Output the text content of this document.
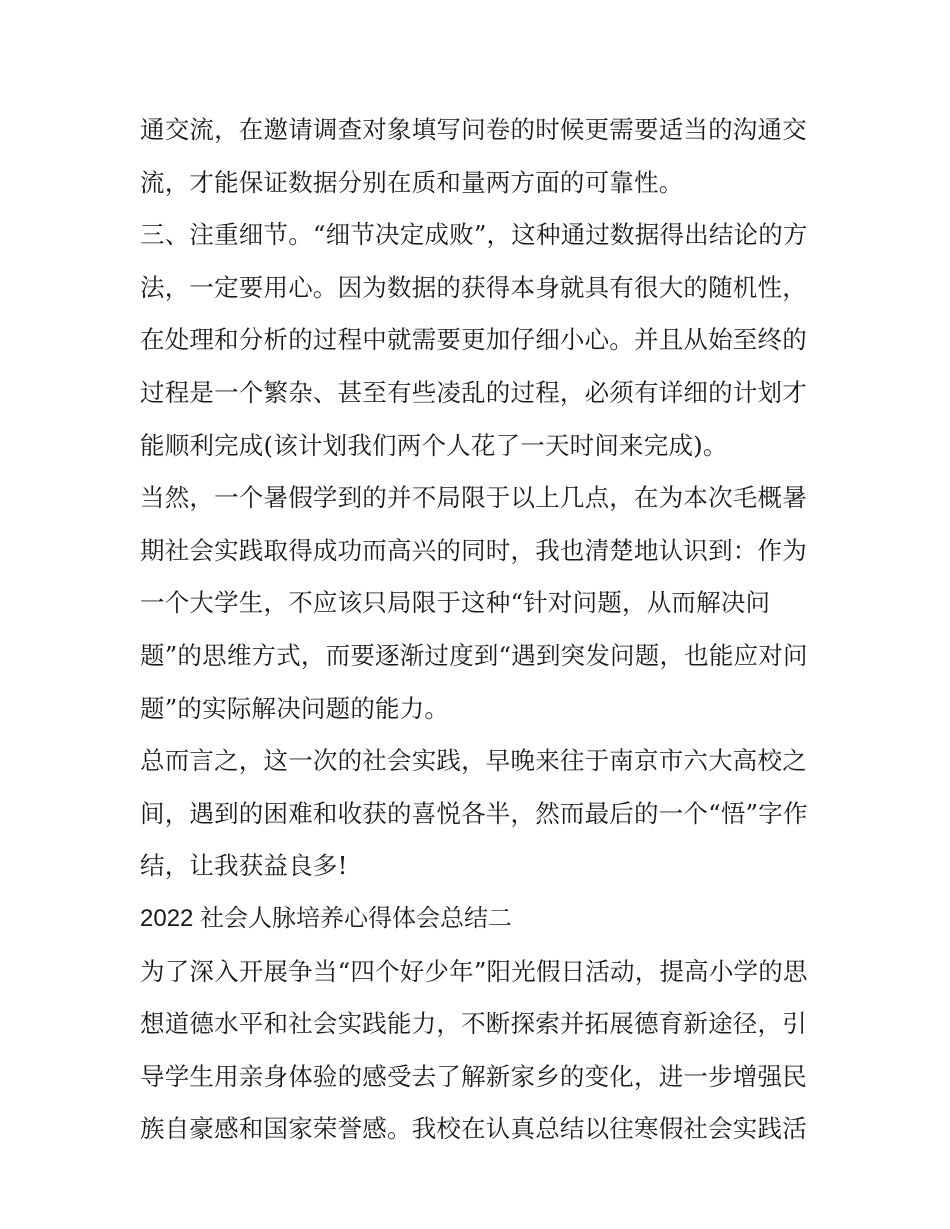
通交流，在邀请调查对象填写问卷的时候更需要适当的沟通交
流，才能保证数据分别在质和量两方面的可靠性。
三、注重细节。“细节决定成败”，这种通过数据得出结论的方
法，一定要用心。因为数据的获得本身就具有很大的随机性，
在处理和分析的过程中就需要更加仔细小心。并且从始至终的
过程是一个繁杂、甚至有些凌乱的过程，必须有详细的计划才
能顺利完成(该计划我们两个人花了一天时间来完成)。
当然，一个暑假学到的并不局限于以上几点，在为本次毛概暑
期社会实践取得成功而高兴的同时，我也清楚地认识到：作为
一个大学生，不应该只局限于这种“针对问题，从而解决问
题”的思维方式，而要逐渐过度到“遇到突发问题，也能应对问
题”的实际解决问题的能力。
总而言之，这一次的社会实践，早晚来往于南京市六大高校之
间，遇到的困难和收获的喜悦各半，然而最后的一个“悟”字作
结，让我获益良多!
2022 社会人脉培养心得体会总结二
为了深入开展争当“四个好少年”阳光假日活动，提高小学的思
想道德水平和社会实践能力，不断探索并拓展德育新途径，引
导学生用亲身体验的感受去了解新家乡的变化，进一步增强民
族自豪感和国家荣誉感。我校在认真总结以往寒假社会实践活
